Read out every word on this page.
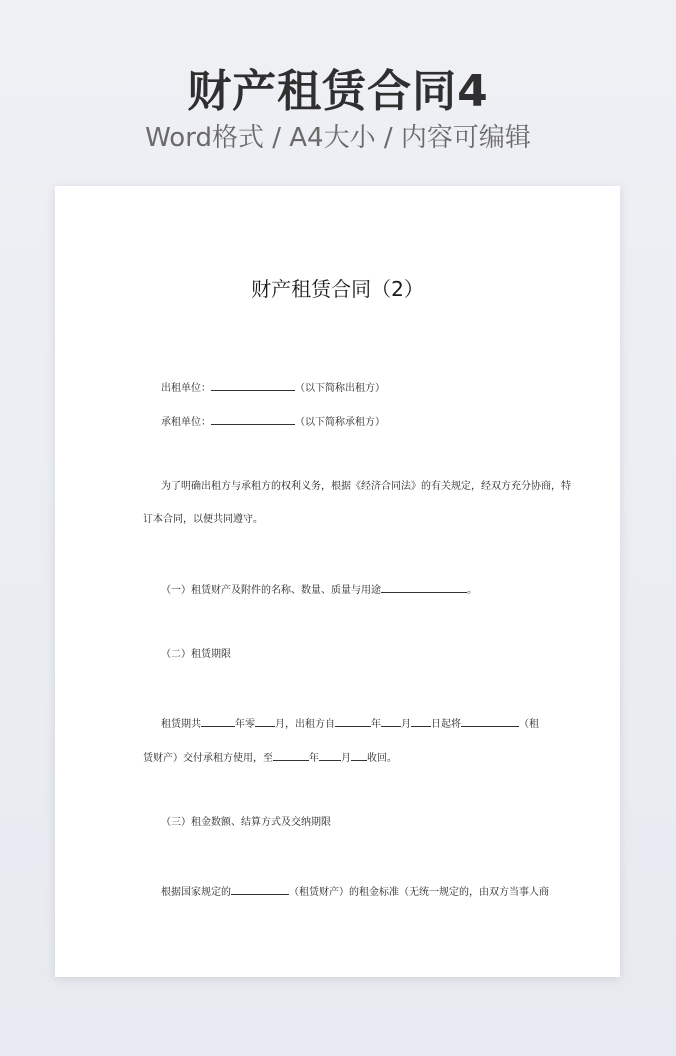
财产租赁合同4
Word格式 / A4大小 / 内容可编辑
财产租赁合同（2）
出租单位：	（以下简称出租方）
承租单位：	（以下简称承租方）
为了明确出租方与承租方的权利义务，根据《经济合同法》的有关规定，经双方充分协商，特
订本合同，以便共同遵守。
（一）租赁财产及附件的名称、数量、质量与用途	。
（二）租赁期限
租赁期共	年零 月，出租方自	年 月 日起将	（租
赁财产）交付承租方使用，至	年 月 收回。
（三）租金数额、结算方式及交纳期限
根据国家规定的	（租赁财产）的租金标准（无统一规定的，由双方当事人商
